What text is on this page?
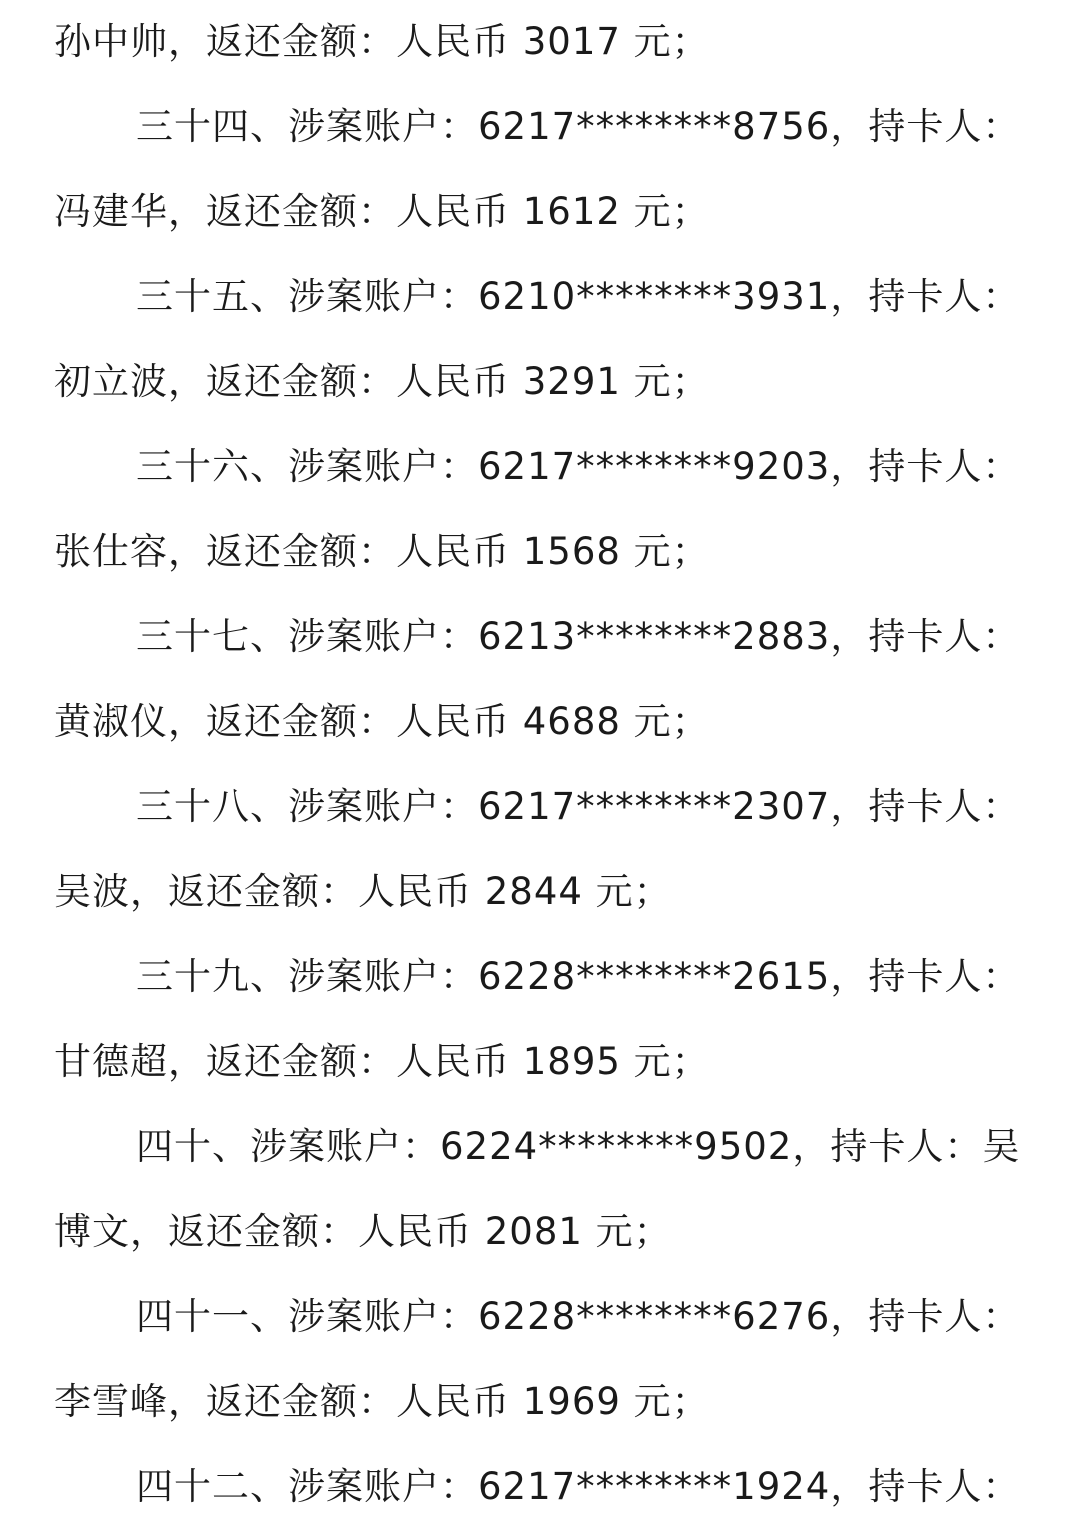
孙中帅，返还金额：人民币 3017 元；
三十四、涉案账户：6217********8756，持卡人：
冯建华，返还金额：人民币 1612 元；
三十五、涉案账户：6210********3931，持卡人：
初立波，返还金额：人民币 3291 元；
三十六、涉案账户：6217********9203，持卡人：
张仕容，返还金额：人民币 1568 元；
三十七、涉案账户：6213********2883，持卡人：
黄淑仪，返还金额：人民币 4688 元；
三十八、涉案账户：6217********2307，持卡人：
吴波，返还金额：人民币 2844 元；
三十九、涉案账户：6228********2615，持卡人：
甘德超，返还金额：人民币 1895 元；
四十、涉案账户：6224********9502，持卡人：吴
博文，返还金额：人民币 2081 元；
四十一、涉案账户：6228********6276，持卡人：
李雪峰，返还金额：人民币 1969 元；
四十二、涉案账户：6217********1924，持卡人：
